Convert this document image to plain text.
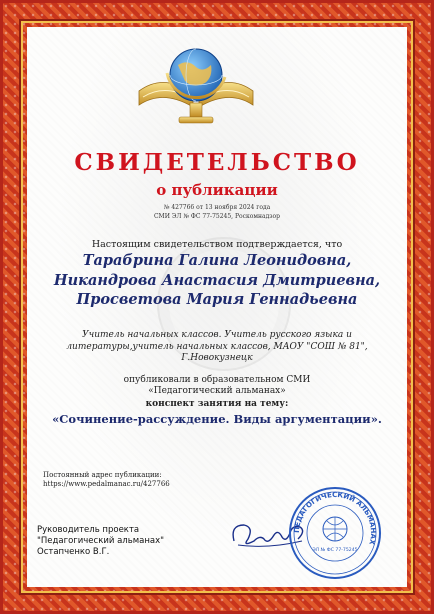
СВИДЕТЕЛЬСТВО
о публикации
№ 427766 от 13 ноября 2024 года
СМИ ЭЛ № ФС 77-75245, Роскомнадзор
Настоящим свидетельством подтверждается, что
Тарабрина Галина Леонидовна,
Никандрова Анастасия Дмитриевна,
Просветова Мария Геннадьевна
Учитель начальных классов. Учитель русского языка и
литературы,учитель начальных классов, МАОУ "СОШ № 81",
Г.Новокузнецк
опубликовали в образовательном СМИ
«Педагогический альманах»
конспект занятия на тему:
«Сочинение-рассуждение. Виды аргументации».
Постоянный адрес публикации:
https://www.pedalmanac.ru/427766
Руководитель проекта
"Педагогический альманах"
Остапченко В.Г.
ПЕДАГОГИЧЕСКИЙ АЛЬМАНАХ
ЭЛ № ФС 77-75245
